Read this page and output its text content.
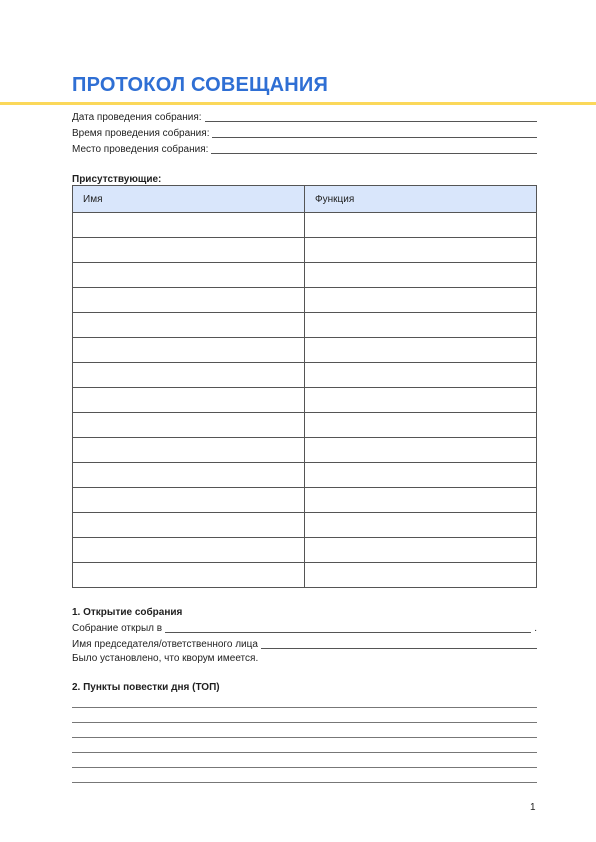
ПРОТОКОЛ СОВЕЩАНИЯ
Дата проведения собрания:
Время проведения собрания:
Место проведения собрания:
Присутствующие:
Имя	Функция

1. Открытие собрания
Собрание открыл в	.
Имя председателя/ответственного лица
Было установлено, что кворум имеется.
2. Пункты повестки дня (ТОП)
1
